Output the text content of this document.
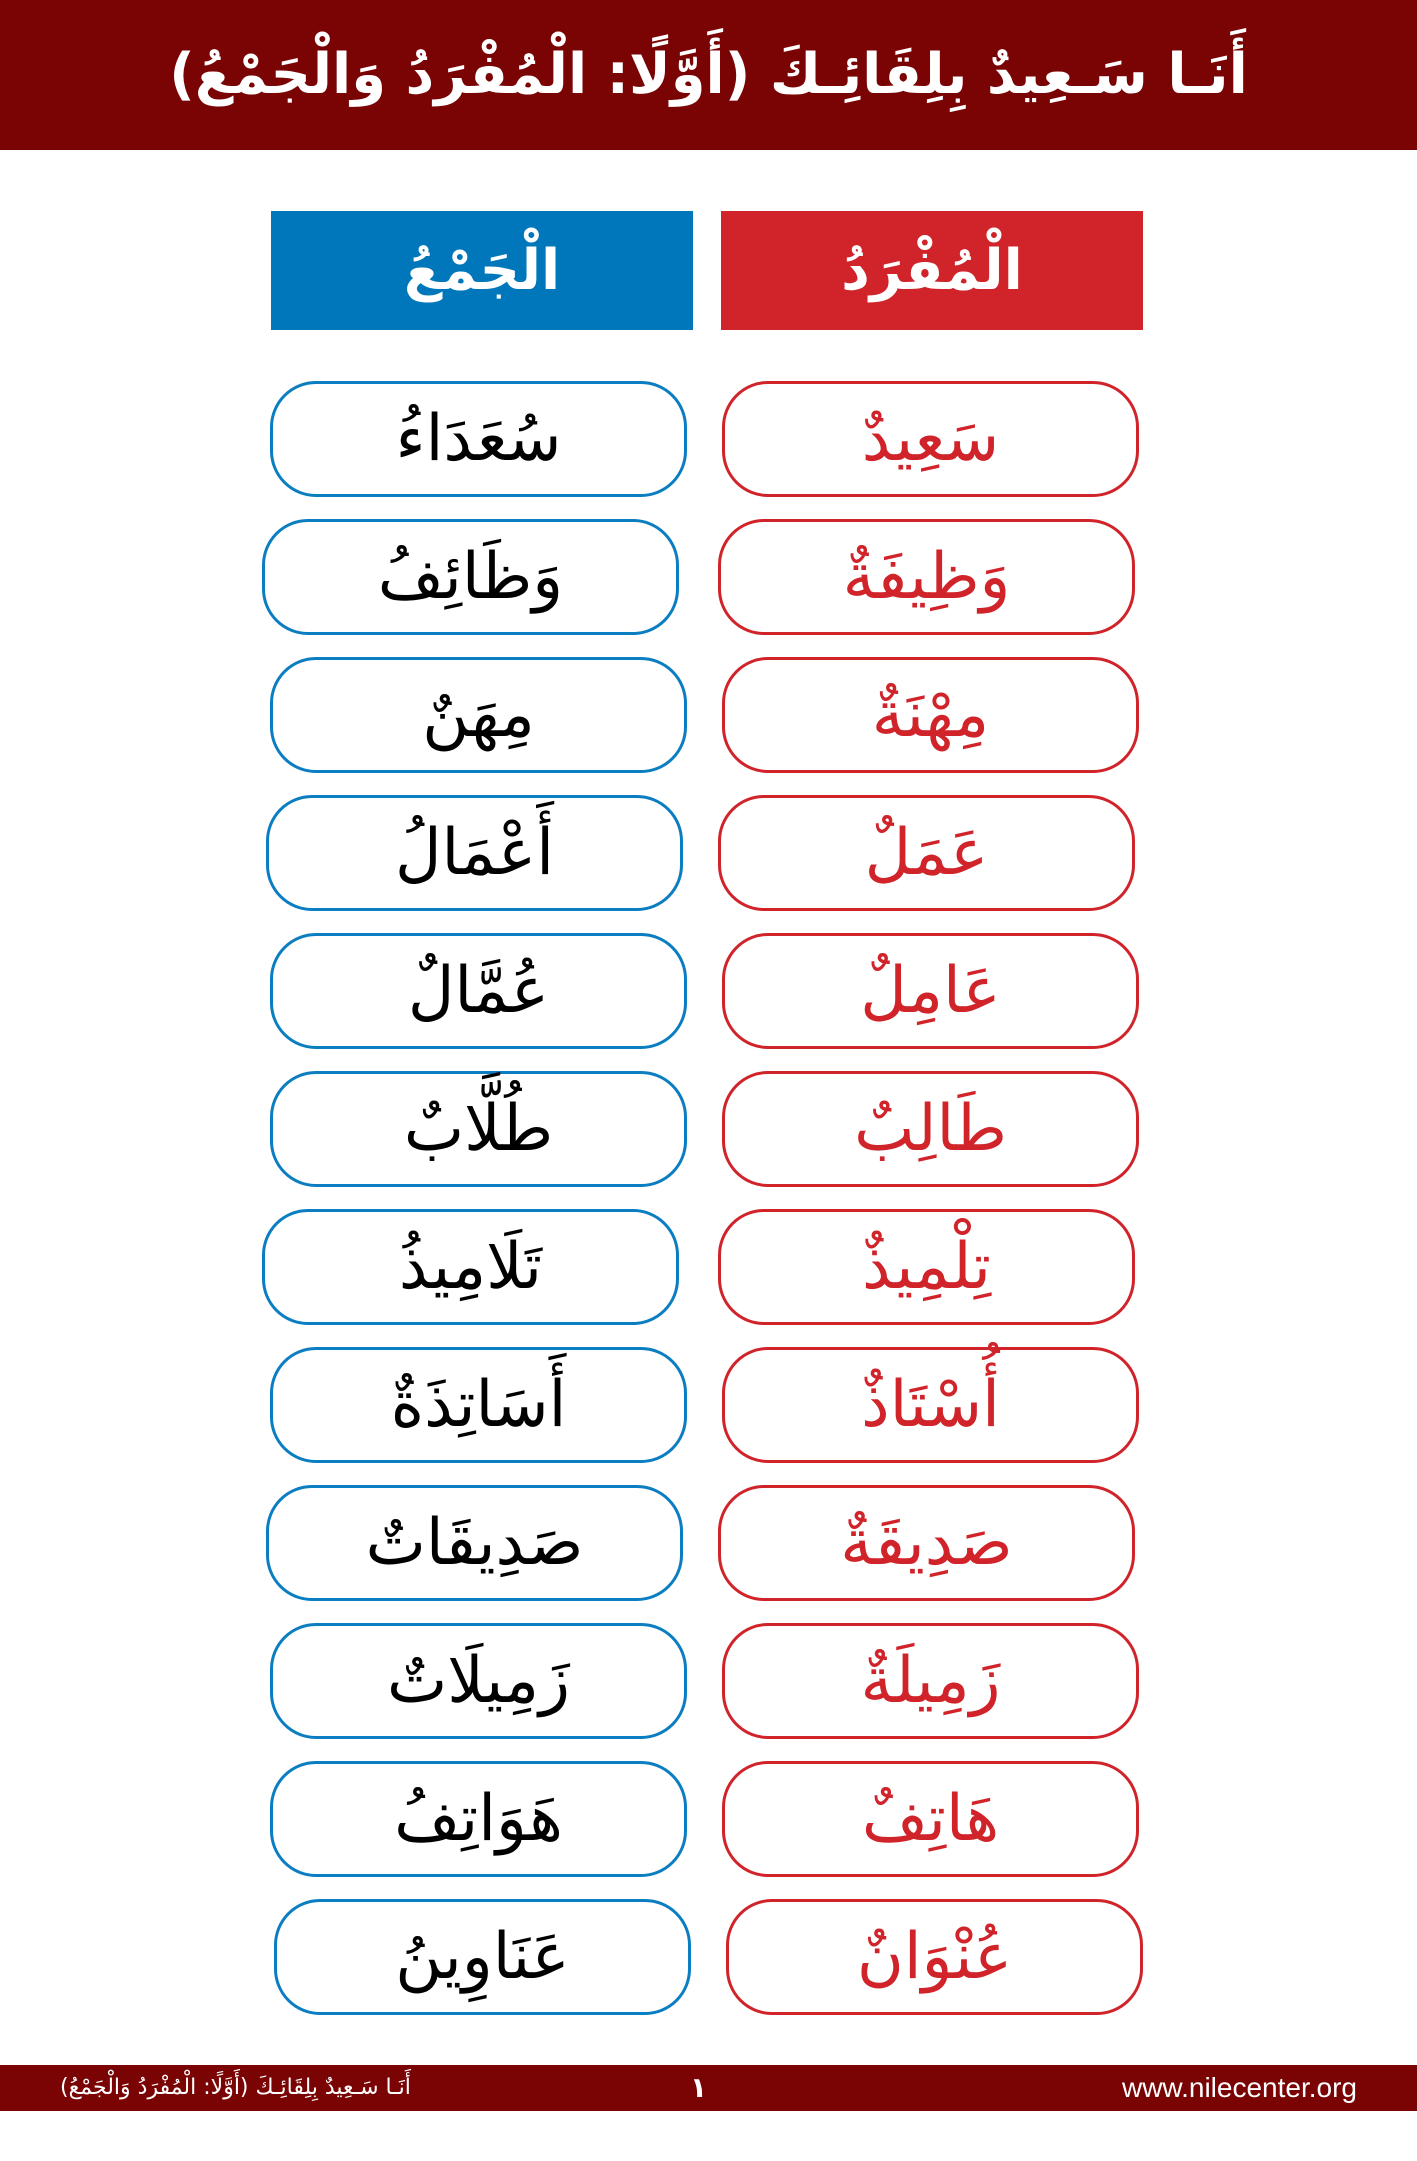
أَنَـا سَـعِيدٌ بِلِقَائِـكَ (أَوَّلًا: الْمُفْرَدُ وَالْجَمْعُ)
الْمُفْرَدُ
الْجَمْعُ
سَعِيدٌ
سُعَدَاءُ
وَظِيفَةٌ
وَظَائِفُ
مِهْنَةٌ
مِهَنٌ
عَمَلٌ
أَعْمَالُ
عَامِلٌ
عُمَّالٌ
طَالِبٌ
طُلَّابٌ
تِلْمِيذٌ
تَلَامِيذُ
أُسْتَاذٌ
أَسَاتِذَةٌ
صَدِيقَةٌ
صَدِيقَاتٌ
زَمِيلَةٌ
زَمِيلَاتٌ
هَاتِفٌ
هَوَاتِفُ
عُنْوَانٌ
عَنَاوِينُ
أَنَـا سَـعِيدٌ بِلِقَائِـكَ (أَوَّلًا: الْمُفْرَدُ وَالْجَمْعُ)	١	www.nilecenter.org
